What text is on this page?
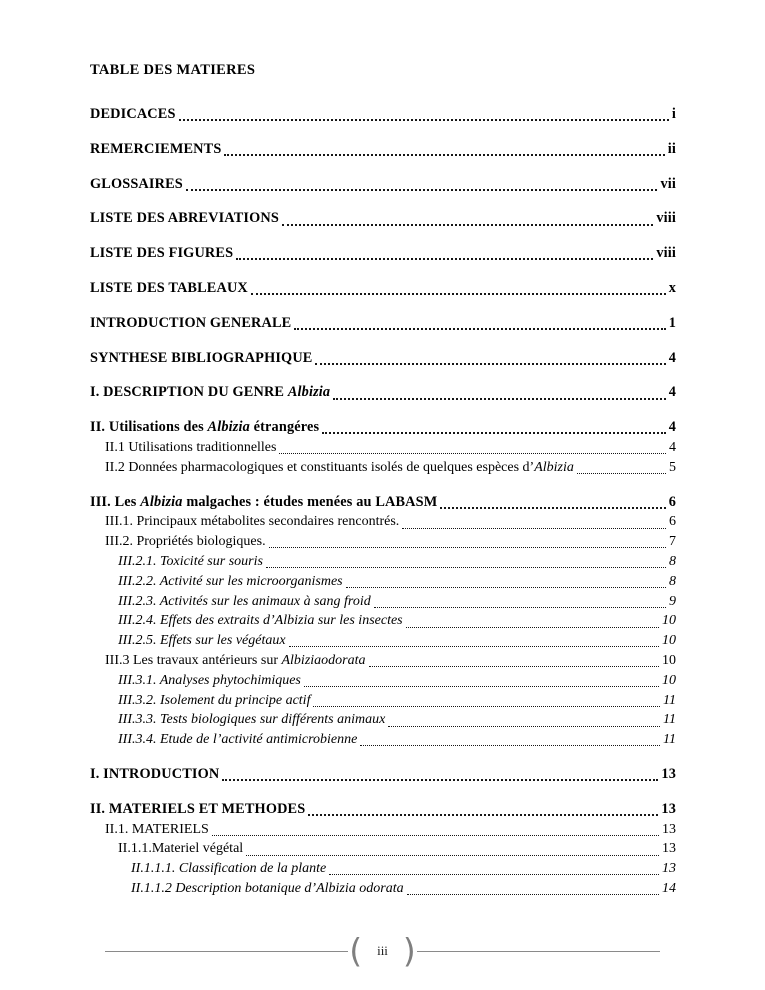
TABLE DES MATIERES
DEDICACES	i
REMERCIEMENTS	ii
GLOSSAIRES	vii
LISTE DES ABREVIATIONS	viii
LISTE DES FIGURES	viii
LISTE DES TABLEAUX	x
INTRODUCTION GENERALE	1
SYNTHESE BIBLIOGRAPHIQUE	4
I. DESCRIPTION DU GENRE Albizia	4
II. Utilisations des Albizia étrangéres	4
II.1 Utilisations traditionnelles	4
II.2 Données pharmacologiques et constituants isolés de quelques espèces d’Albizia	5
III. Les Albizia malgaches : études menées au LABASM	6
III.1. Principaux métabolites secondaires rencontrés.	6
III.2. Propriétés biologiques.	7
III.2.1. Toxicité sur souris	8
III.2.2. Activité sur les microorganismes	8
III.2.3. Activités sur les animaux à sang froid	9
III.2.4. Effets des extraits d’Albizia sur les insectes	10
III.2.5. Effets sur les végétaux	10
III.3 Les travaux antérieurs sur Albiziaodorata	10
III.3.1. Analyses phytochimiques	10
III.3.2. Isolement du principe actif	11
III.3.3. Tests biologiques sur différents animaux	11
III.3.4. Etude de l’activité antimicrobienne	11
I. INTRODUCTION	13
II. MATERIELS ET METHODES	13
II.1. MATERIELS	13
II.1.1.Materiel végétal	13
II.1.1.1. Classification de la plante	13
II.1.1.2 Description botanique d’Albizia odorata	14
(	iii )
